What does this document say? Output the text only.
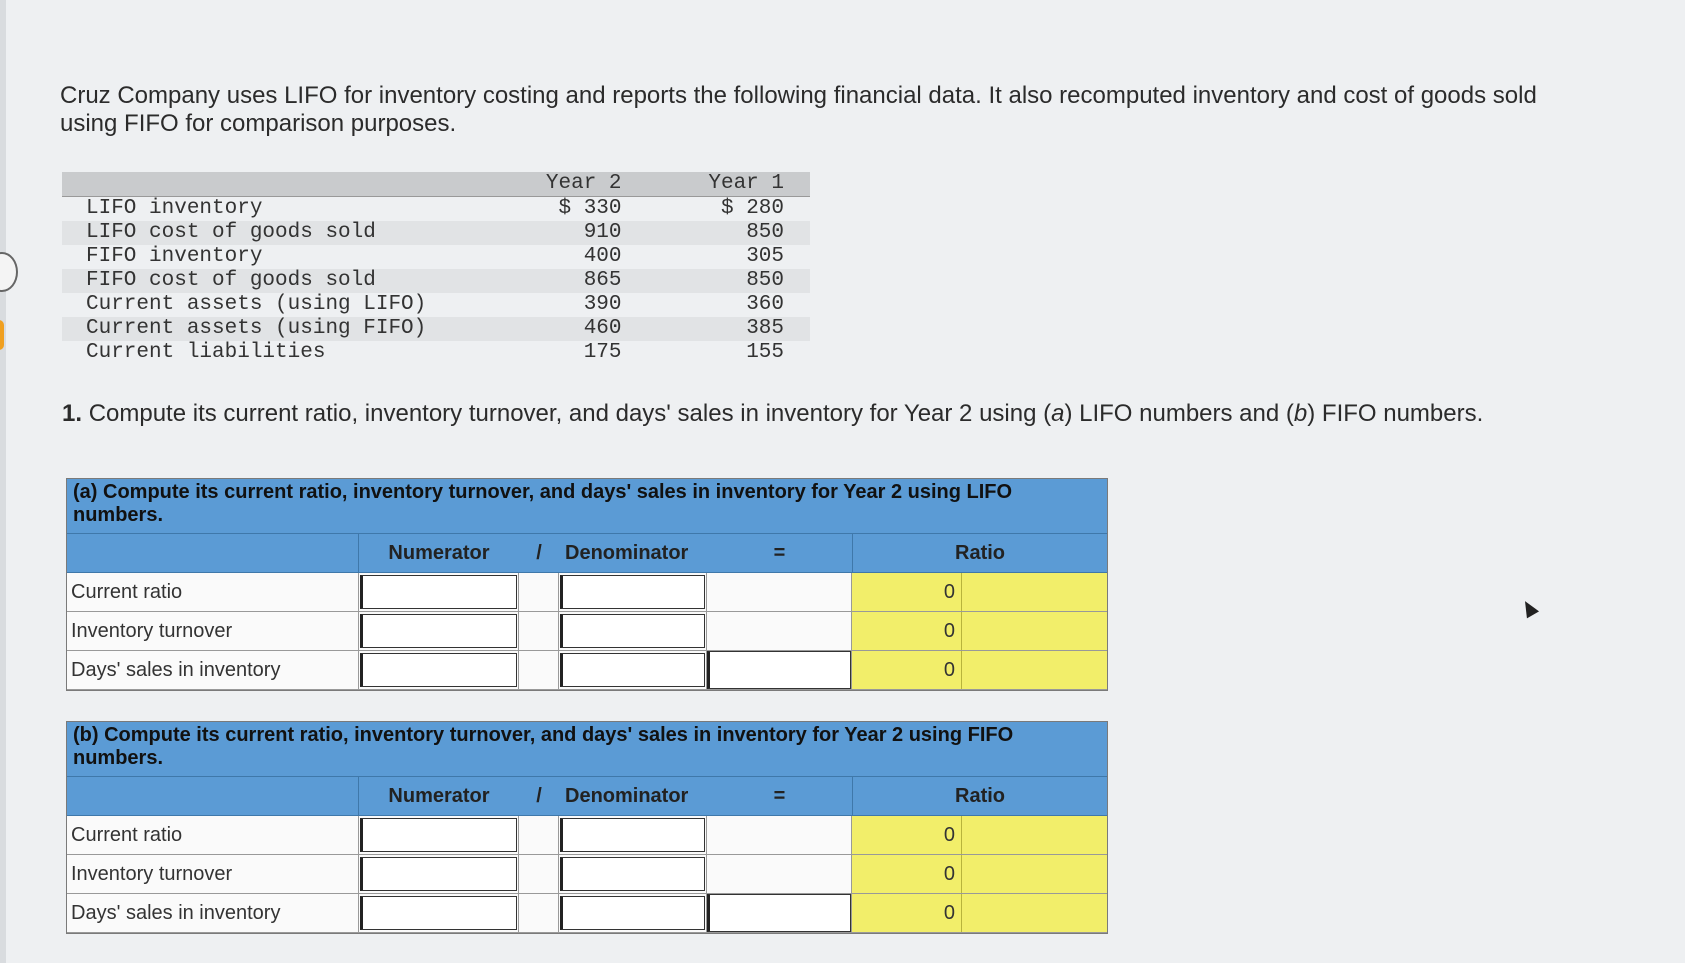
Cruz Company uses LIFO for inventory costing and reports the following financial data. It also recomputed inventory and cost of goods sold using FIFO for comparison purposes.
	Year 2	Year 1
LIFO inventory	$ 330	$ 280
LIFO cost of goods sold	910	850
FIFO inventory	400	305
FIFO cost of goods sold	865	850
Current assets (using LIFO)	390	360
Current assets (using FIFO)	460	385
Current liabilities	175	155
1. Compute its current ratio, inventory turnover, and days' sales in inventory for Year 2 using (a) LIFO numbers and (b) FIFO numbers.
(a) Compute its current ratio, inventory turnover, and days' sales in inventory for Year 2 using LIFO numbers.
Numerator	/	Denominator	=	Ratio
Current ratio	0
Inventory turnover	0
Days' sales in inventory	0
(b) Compute its current ratio, inventory turnover, and days' sales in inventory for Year 2 using FIFO numbers.
Numerator	/	Denominator	=	Ratio
Current ratio	0
Inventory turnover	0
Days' sales in inventory	0
